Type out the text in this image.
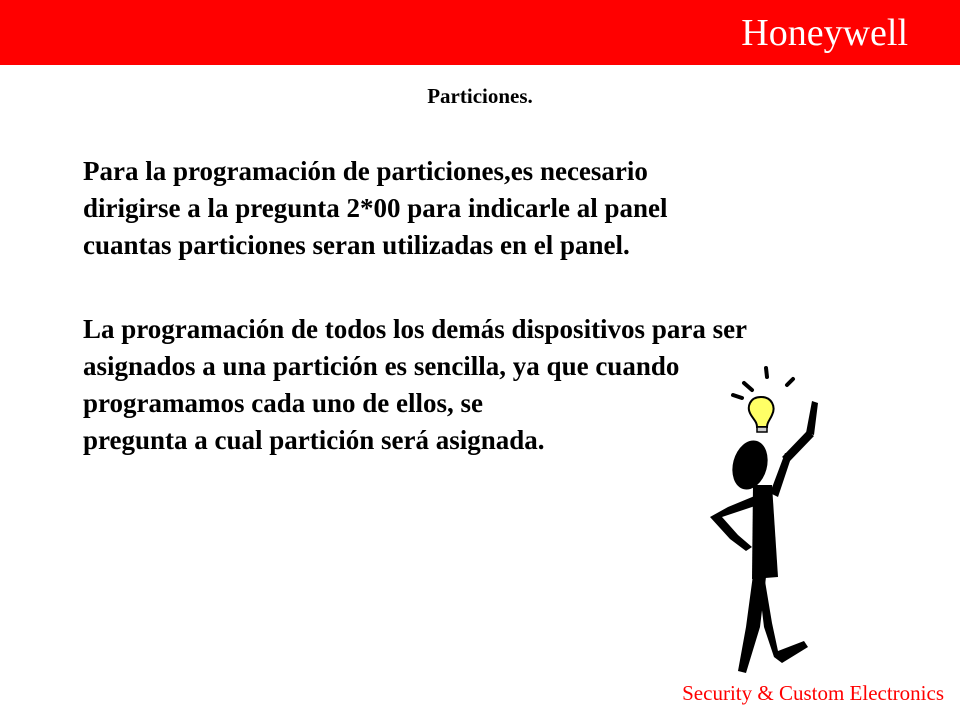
Honeywell
Particiones.

Para la programación de particiones,es necesario
dirigirse a la pregunta 2*00 para indicarle al panel
cuantas particiones seran utilizadas en el panel.

La programación de todos los demás dispositivos para ser
asignados a una partición es sencilla, ya que cuando
programamos cada uno de ellos, se
pregunta a cual partición será asignada.

Security & Custom Electronics
